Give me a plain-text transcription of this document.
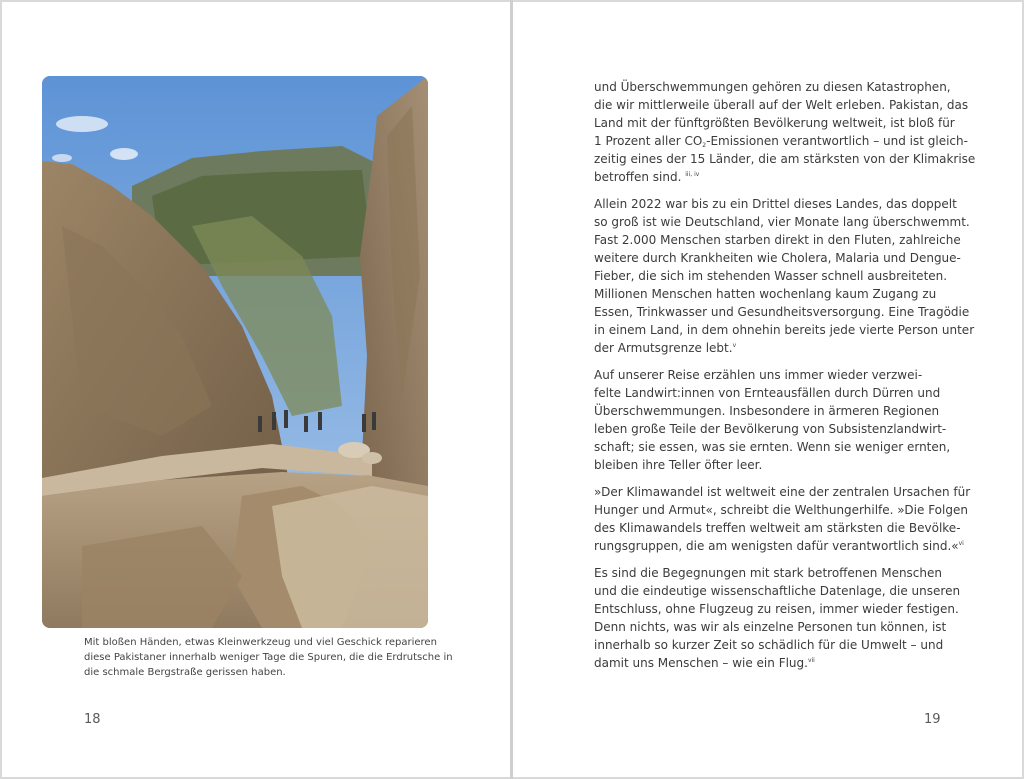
Mit bloßen Händen, etwas Kleinwerkzeug und viel Geschick reparieren
diese Pakistaner innerhalb weniger Tage die Spuren, die die Erdrutsche in
die schmale Bergstraße gerissen haben.
18	19
und Überschwemmungen gehören zu diesen Katastrophen,
die wir mittlerweile überall auf der Welt erleben. Pakistan, das
Land mit der fünftgrößten Bevölkerung weltweit, ist bloß für
1 Prozent aller $CO_2$-Emissionen verantwortlich – und ist gleich-
zeitig eines der 15 Länder, die am stärksten von der Klimakrise
betroffen sind. $^{iii, iv}$
Allein 2022 war bis zu ein Drittel dieses Landes, das doppelt
so groß ist wie Deutschland, vier Monate lang überschwemmt.
Fast 2.000 Menschen starben direkt in den Fluten, zahlreiche
weitere durch Krankheiten wie Cholera, Malaria und Dengue-
Fieber, die sich im stehenden Wasser schnell ausbreiteten.
Millionen Menschen hatten wochenlang kaum Zugang zu
Essen, Trinkwasser und Gesundheitsversorgung. Eine Tragödie
in einem Land, in dem ohnehin bereits jede vierte Person unter
der Armutsgrenze lebt.$^v$
Auf unserer Reise erzählen uns immer wieder verzwei-
felte Landwirt:innen von Ernteausfällen durch Dürren und
Überschwemmungen. Insbesondere in ärmeren Regionen
leben große Teile der Bevölkerung von Subsistenzlandwirt-
schaft; sie essen, was sie ernten. Wenn sie weniger ernten,
bleiben ihre Teller öfter leer.
»Der Klimawandel ist weltweit eine der zentralen Ursachen für
Hunger und Armut«, schreibt die Welthungerhilfe. »Die Folgen
des Klimawandels treffen weltweit am stärksten die Bevölke-
rungsgruppen, die am wenigsten dafür verantwortlich sind.«$^{vi}$
Es sind die Begegnungen mit stark betroffenen Menschen
und die eindeutige wissenschaftliche Datenlage, die unseren
Entschluss, ohne Flugzeug zu reisen, immer wieder festigen.
Denn nichts, was wir als einzelne Personen tun können, ist
innerhalb so kurzer Zeit so schädlich für die Umwelt – und
damit uns Menschen – wie ein Flug.$^{vii}$
